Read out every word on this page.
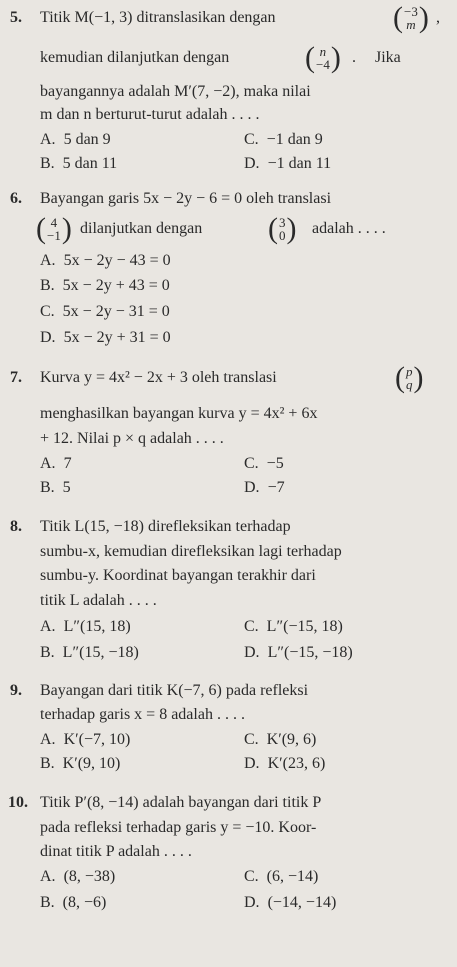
5. Titik M(−1, 3) ditranslasikan dengan	( −3
m ) ,
kemudian dilanjutkan dengan	( n
−4 ) . Jika
bayangannya adalah M′(7, −2), maka nilai
m dan n berturut-turut adalah . . . .
A.  5 dan 9	C.  −1 dan 9
B.  5 dan 11	D.  −1 dan 11
6. Bayangan garis 5x − 2y − 6 = 0 oleh translasi
( 4
−1 ) dilanjutkan dengan ( 3
0 ) adalah . . . .
A.  5x − 2y − 43 = 0
B.  5x − 2y + 43 = 0
C.  5x − 2y − 31 = 0
D.  5x − 2y + 31 = 0
7. Kurva y = 4x² − 2x + 3 oleh translasi	( p
q )
menghasilkan bayangan kurva y = 4x² + 6x
+ 12. Nilai p × q adalah . . . .
A.  7	C.  −5
B.  5	D.  −7
8. Titik L(15, −18) direfleksikan terhadap
sumbu-x, kemudian direfleksikan lagi terhadap
sumbu-y. Koordinat bayangan terakhir dari
titik L adalah . . . .
A.  L″(15, 18)	C.  L″(−15, 18)
B.  L″(15, −18)	D.  L″(−15, −18)
9. Bayangan dari titik K(−7, 6) pada refleksi
terhadap garis x = 8 adalah . . . .
A.  K′(−7, 10)	C.  K′(9, 6)
B.  K′(9, 10)	D.  K′(23, 6)
10. Titik P′(8, −14) adalah bayangan dari titik P
pada refleksi terhadap garis y = −10. Koor-
dinat titik P adalah . . . .
A.  (8, −38)	C.  (6, −14)
B.  (8, −6)	D.  (−14, −14)
